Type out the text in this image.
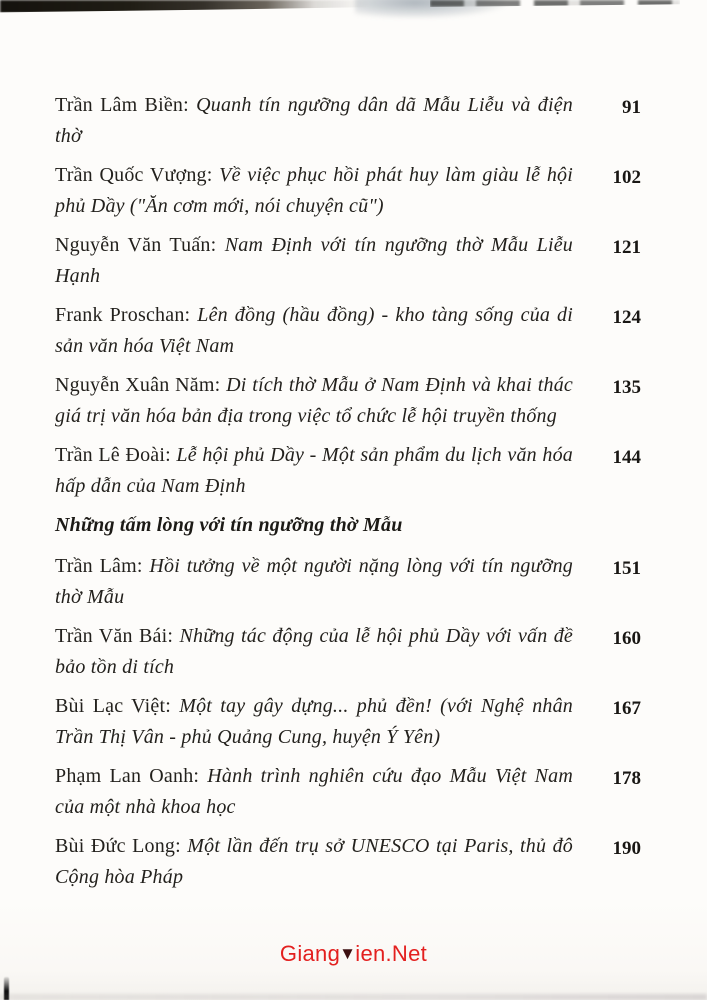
Trần Lâm Biền: Quanh tín ngưỡng dân dã Mẫu Liễu và điện thờ
91
Trần Quốc Vượng: Về việc phục hồi phát huy làm giàu lễ hội phủ Dầy ("Ăn cơm mới, nói chuyện cũ")
102
Nguyễn Văn Tuấn: Nam Định với tín ngưỡng thờ Mẫu Liễu Hạnh
121
Frank Proschan: Lên đồng (hầu đồng) - kho tàng sống của di sản văn hóa Việt Nam
124
Nguyễn Xuân Năm: Di tích thờ Mẫu ở Nam Định và khai thác giá trị văn hóa bản địa trong việc tổ chức lễ hội truyền thống
135
Trần Lê Đoài: Lễ hội phủ Dầy - Một sản phẩm du lịch văn hóa hấp dẫn của Nam Định
144
Những tấm lòng với tín ngưỡng thờ Mẫu
Trần Lâm: Hồi tưởng về một người nặng lòng với tín ngưỡng thờ Mẫu
151
Trần Văn Bái: Những tác động của lễ hội phủ Dầy với vấn đề bảo tồn di tích
160
Bùi Lạc Việt: Một tay gây dựng... phủ đền! (với Nghệ nhân Trần Thị Vân - phủ Quảng Cung, huyện Ý Yên)
167
Phạm Lan Oanh: Hành trình nghiên cứu đạo Mẫu Việt Nam của một nhà khoa học
178
Bùi Đức Long: Một lần đến trụ sở UNESCO tại Paris, thủ đô Cộng hòa Pháp
190
Giang▼ien.Net
